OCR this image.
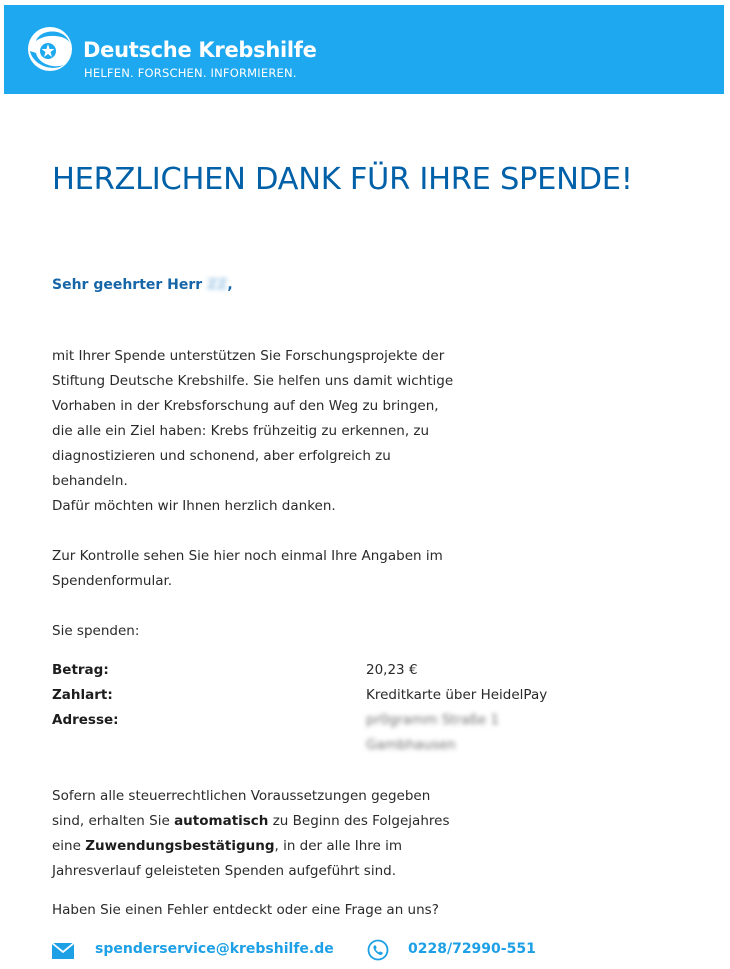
Deutsche Krebshilfe
HELFEN. FORSCHEN. INFORMIEREN.
HERZLICHEN DANK FÜR IHRE SPENDE!
Sehr geehrter Herr ZZ,
mit Ihrer Spende unterstützen Sie Forschungsprojekte der
Stiftung Deutsche Krebshilfe. Sie helfen uns damit wichtige
Vorhaben in der Krebsforschung auf den Weg zu bringen,
die alle ein Ziel haben: Krebs frühzeitig zu erkennen, zu
diagnostizieren und schonend, aber erfolgreich zu
behandeln.
Dafür möchten wir Ihnen herzlich danken.
Zur Kontrolle sehen Sie hier noch einmal Ihre Angaben im
Spendenformular.
Sie spenden:
Betrag:	20,23 €
Zahlart:	Kreditkarte über HeidelPay
Adresse:	pr0gramm Straße 1
Gambhausen
Sofern alle steuerrechtlichen Voraussetzungen gegeben
sind, erhalten Sie automatisch zu Beginn des Folgejahres
eine Zuwendungsbestätigung, in der alle Ihre im
Jahresverlauf geleisteten Spenden aufgeführt sind.
Haben Sie einen Fehler entdeckt oder eine Frage an uns?
spenderservice@krebshilfe.de	0228/72990-551
